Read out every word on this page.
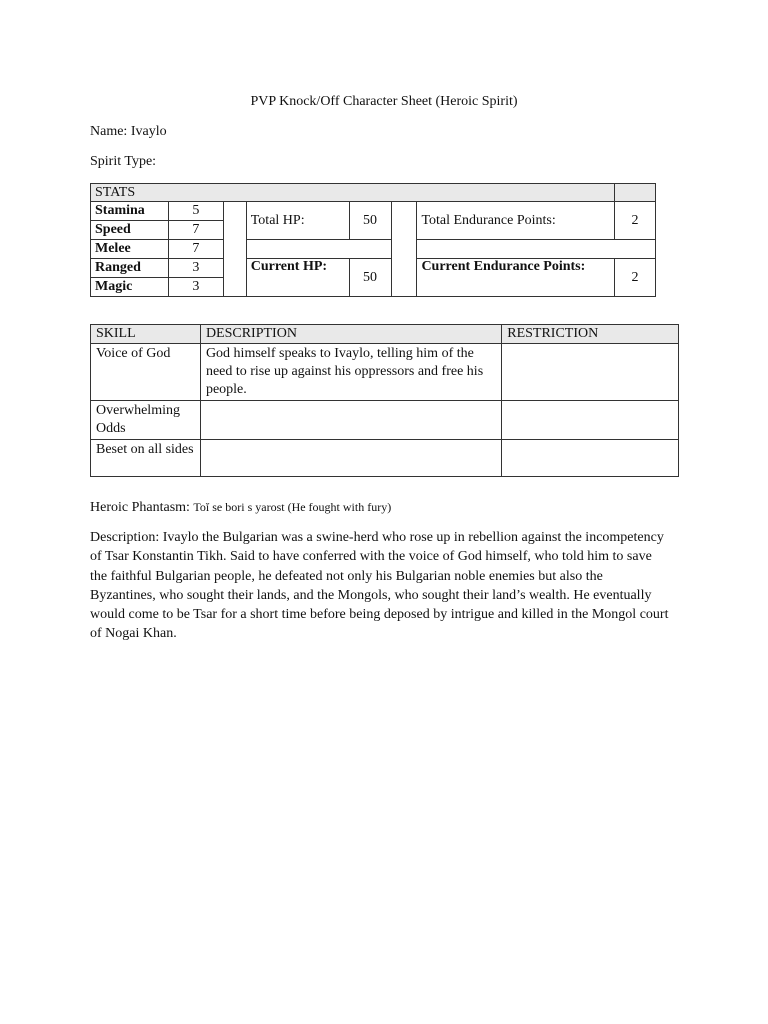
PVP Knock/Off Character Sheet (Heroic Spirit)
Name: Ivaylo
Spirit Type:
STATS							
Stamina	5		Total HP:	50		Total Endurance Points:	2
Speed	7						
Melee	7						
Ranged	3		Current HP:	50		Current Endurance Points:	2
Magic	3						
SKILL	DESCRIPTION	RESTRICTION
Voice of God	God himself speaks to Ivaylo, telling him of the need to rise up against his oppressors and free his people.	
Overwhelming Odds		
Beset on all sides		
Heroic Phantasm: Toĭ se bori s yarost (He fought with fury)
Description: Ivaylo the Bulgarian was a swine-herd who rose up in rebellion against the incompetency of Tsar Konstantin Tikh. Said to have conferred with the voice of God himself, who told him to save the faithful Bulgarian people, he defeated not only his Bulgarian noble enemies but also the Byzantines, who sought their lands, and the Mongols, who sought their land’s wealth. He eventually would come to be Tsar for a short time before being deposed by intrigue and killed in the Mongol court of Nogai Khan.
